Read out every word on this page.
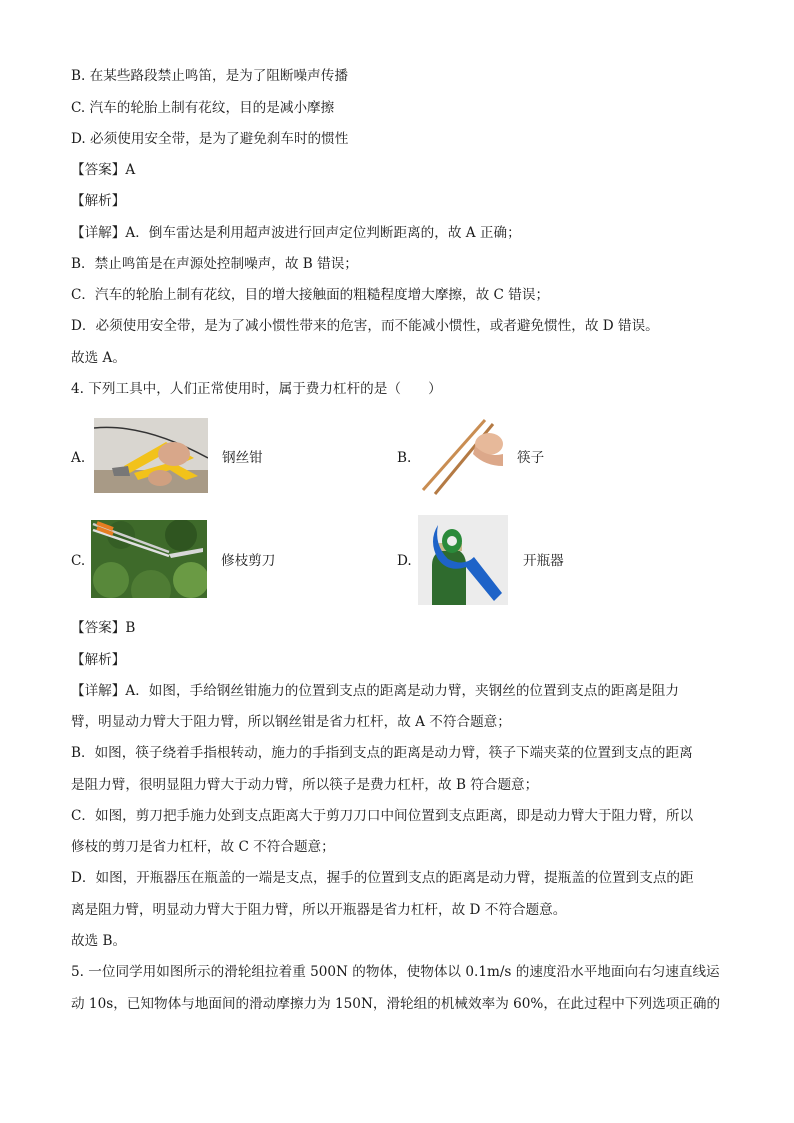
B. 在某些路段禁止鸣笛，是为了阻断噪声传播
C. 汽车的轮胎上制有花纹，目的是减小摩擦
D. 必须使用安全带，是为了避免刹车时的惯性
【答案】A
【解析】
【详解】A．倒车雷达是利用超声波进行回声定位判断距离的，故 A 正确；
B．禁止鸣笛是在声源处控制噪声，故 B 错误；
C．汽车的轮胎上制有花纹，目的增大接触面的粗糙程度增大摩擦，故 C 错误；
D．必须使用安全带，是为了减小惯性带来的危害，而不能减小惯性，或者避免惯性，故 D 错误。
故选 A。
4. 下列工具中，人们正常使用时，属于费力杠杆的是（　　）
A.	钢丝钳	B.	筷子
C.	修枝剪刀	D.	开瓶器
【答案】B
【解析】
【详解】A．如图，手给钢丝钳施力的位置到支点的距离是动力臂，夹钢丝的位置到支点的距离是阻力
臂，明显动力臂大于阻力臂，所以钢丝钳是省力杠杆，故 A 不符合题意；
B．如图，筷子绕着手指根转动，施力的手指到支点的距离是动力臂，筷子下端夹菜的位置到支点的距离
是阻力臂，很明显阻力臂大于动力臂，所以筷子是费力杠杆，故 B 符合题意；
C．如图，剪刀把手施力处到支点距离大于剪刀刀口中间位置到支点距离，即是动力臂大于阻力臂，所以
修枝的剪刀是省力杠杆，故 C 不符合题意；
D．如图，开瓶器压在瓶盖的一端是支点，握手的位置到支点的距离是动力臂，提瓶盖的位置到支点的距
离是阻力臂，明显动力臂大于阻力臂，所以开瓶器是省力杠杆，故 D 不符合题意。
故选 B。
5. 一位同学用如图所示的滑轮组拉着重 500N 的物体，使物体以 0.1m/s 的速度沿水平地面向右匀速直线运
动 10s，已知物体与地面间的滑动摩擦力为 150N，滑轮组的机械效率为 60%，在此过程中下列选项正确的
